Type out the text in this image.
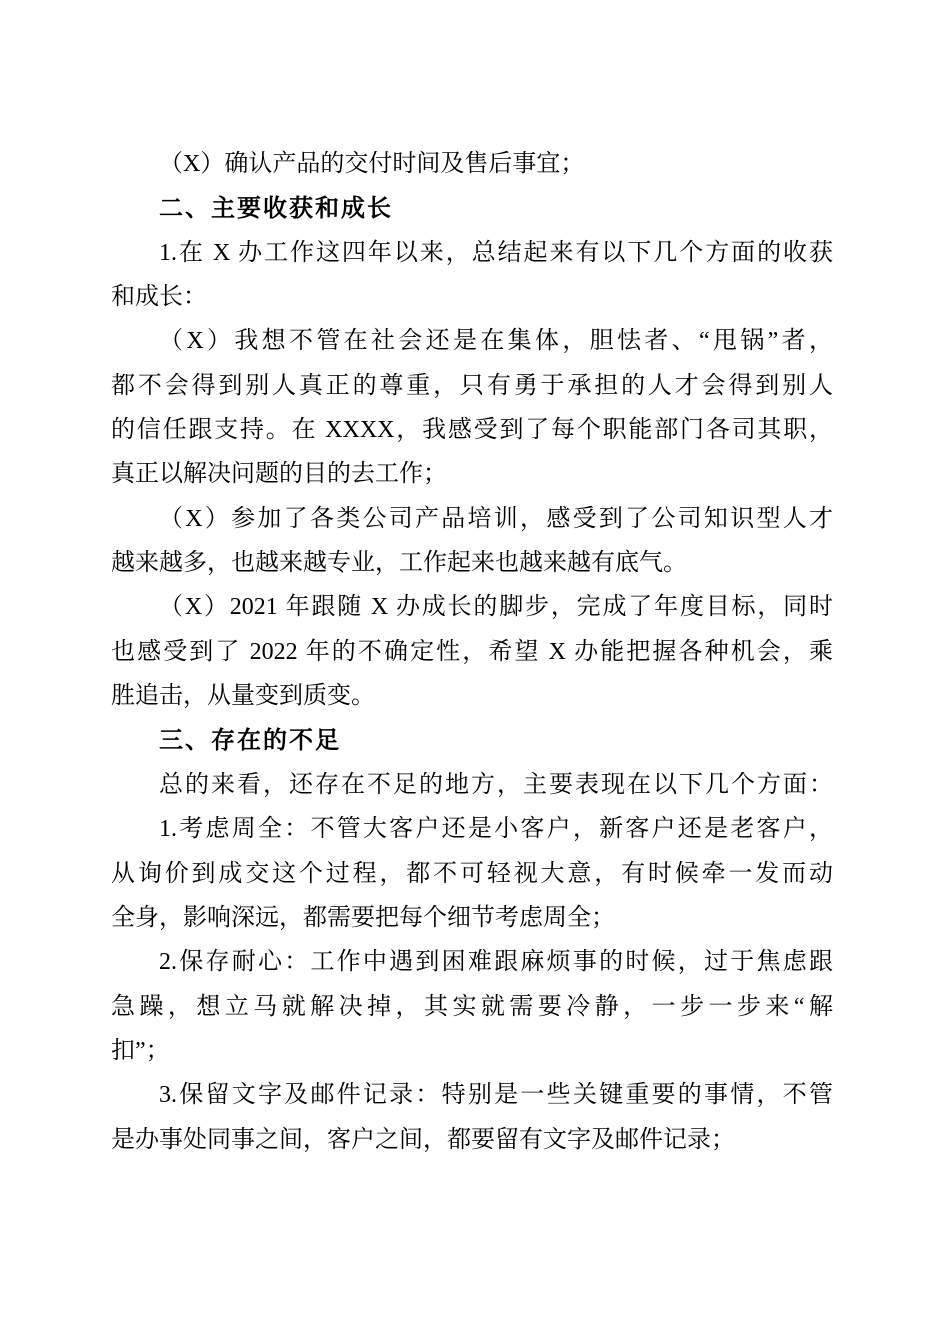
（X）确认产品的交付时间及售后事宜；
二、主要收获和成长
1.在 X 办工作这四年以来，总结起来有以下几个方面的收获
和成长：
（X）我想不管在社会还是在集体，胆怯者、“甩锅”者，
都不会得到别人真正的尊重，只有勇于承担的人才会得到别人
的信任跟支持。在 XXXX，我感受到了每个职能部门各司其职，
真正以解决问题的目的去工作；
（X）参加了各类公司产品培训，感受到了公司知识型人才
越来越多，也越来越专业，工作起来也越来越有底气。
（X）2021 年跟随 X 办成长的脚步，完成了年度目标，同时
也感受到了 2022 年的不确定性，希望 X 办能把握各种机会，乘
胜追击，从量变到质变。
三、存在的不足
总的来看，还存在不足的地方，主要表现在以下几个方面：
1.考虑周全：不管大客户还是小客户，新客户还是老客户，
从询价到成交这个过程，都不可轻视大意，有时候牵一发而动
全身，影响深远，都需要把每个细节考虑周全；
2.保存耐心：工作中遇到困难跟麻烦事的时候，过于焦虑跟
急躁，想立马就解决掉，其实就需要冷静，一步一步来“解
扣”；
3.保留文字及邮件记录：特别是一些关键重要的事情，不管
是办事处同事之间，客户之间，都要留有文字及邮件记录；
